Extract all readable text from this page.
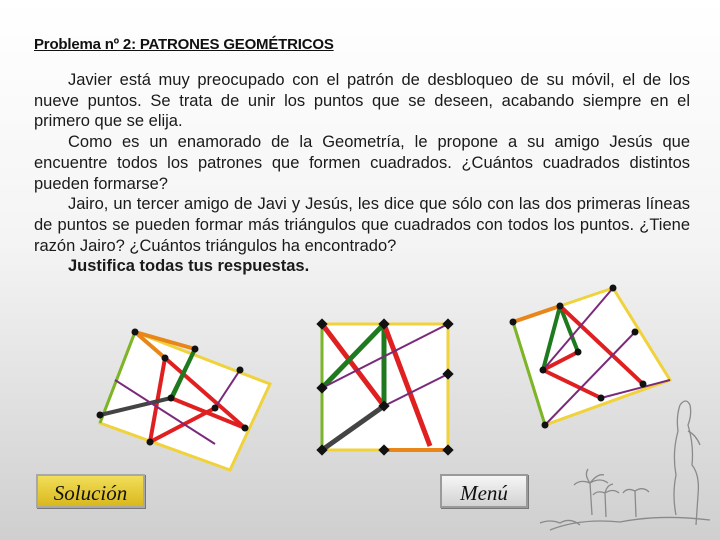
Problema nº 2: PATRONES GEOMÉTRICOS

Javier está muy preocupado con el patrón de desbloqueo de su móvil, el de los nueve puntos. Se trata de unir los puntos que se deseen, acabando siempre en el primero que se elija.

Como es un enamorado de la Geometría, le propone a su amigo Jesús que encuentre todos los patrones que formen cuadrados. ¿Cuántos cuadrados distintos pueden formarse?

Jairo, un tercer amigo de Javi y Jesús, les dice que sólo con las dos primeras líneas de puntos se pueden formar más triángulos que cuadrados con todos los puntos. ¿Tiene razón Jairo? ¿Cuántos triángulos ha encontrado?

Justifica todas tus respuestas.

Solución	Menú
